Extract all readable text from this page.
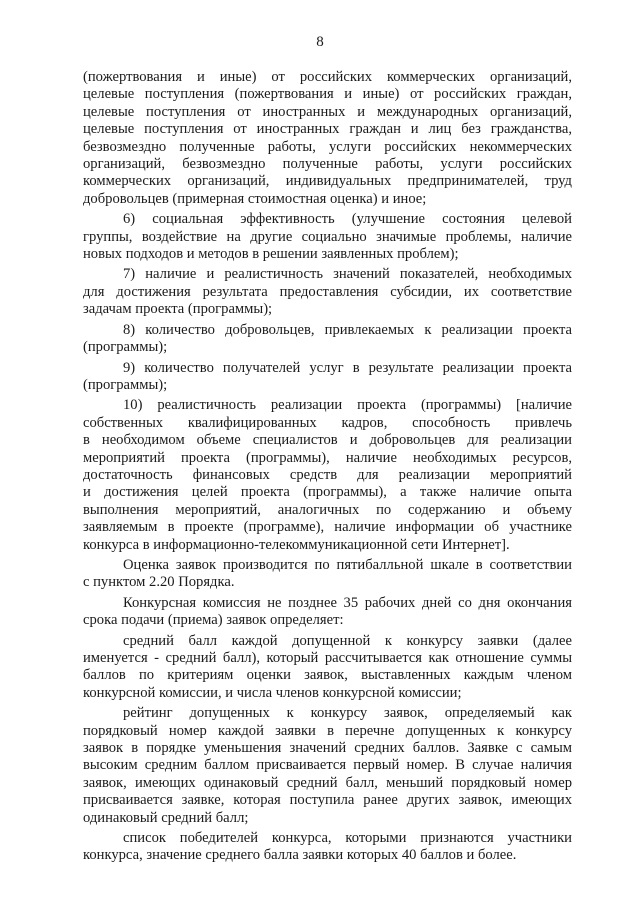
8
(пожертвования и иные) от российских коммерческих организаций,
целевые поступления (пожертвования и иные) от российских граждан,
целевые поступления от иностранных и международных организаций,
целевые поступления от иностранных граждан и лиц без гражданства,
безвозмездно полученные работы, услуги российских некоммерческих
организаций, безвозмездно полученные работы, услуги российских
коммерческих организаций, индивидуальных предпринимателей, труд
добровольцев (примерная стоимостная оценка) и иное;
6) социальная эффективность (улучшение состояния целевой
группы, воздействие на другие социально значимые проблемы, наличие
новых подходов и методов в решении заявленных проблем);
7) наличие и реалистичность значений показателей, необходимых
для достижения результата предоставления субсидии, их соответствие
задачам проекта (программы);
8) количество добровольцев, привлекаемых к реализации проекта
(программы);
9) количество получателей услуг в результате реализации проекта
(программы);
10) реалистичность реализации проекта (программы) [наличие
собственных квалифицированных кадров, способность привлечь
в необходимом объеме специалистов и добровольцев для реализации
мероприятий проекта (программы), наличие необходимых ресурсов,
достаточность финансовых средств для реализации мероприятий
и достижения целей проекта (программы), а также наличие опыта
выполнения мероприятий, аналогичных по содержанию и объему
заявляемым в проекте (программе), наличие информации об участнике
конкурса в информационно-телекоммуникационной сети Интернет].
Оценка заявок производится по пятибалльной шкале в соответствии
с пунктом 2.20 Порядка.
Конкурсная комиссия не позднее 35 рабочих дней со дня окончания
срока подачи (приема) заявок определяет:
средний балл каждой допущенной к конкурсу заявки (далее
именуется - средний балл), который рассчитывается как отношение суммы
баллов по критериям оценки заявок, выставленных каждым членом
конкурсной комиссии, и числа членов конкурсной комиссии;
рейтинг допущенных к конкурсу заявок, определяемый как
порядковый номер каждой заявки в перечне допущенных к конкурсу
заявок в порядке уменьшения значений средних баллов. Заявке с самым
высоким средним баллом присваивается первый номер. В случае наличия
заявок, имеющих одинаковый средний балл, меньший порядковый номер
присваивается заявке, которая поступила ранее других заявок, имеющих
одинаковый средний балл;
список победителей конкурса, которыми признаются участники
конкурса, значение среднего балла заявки которых 40 баллов и более.
